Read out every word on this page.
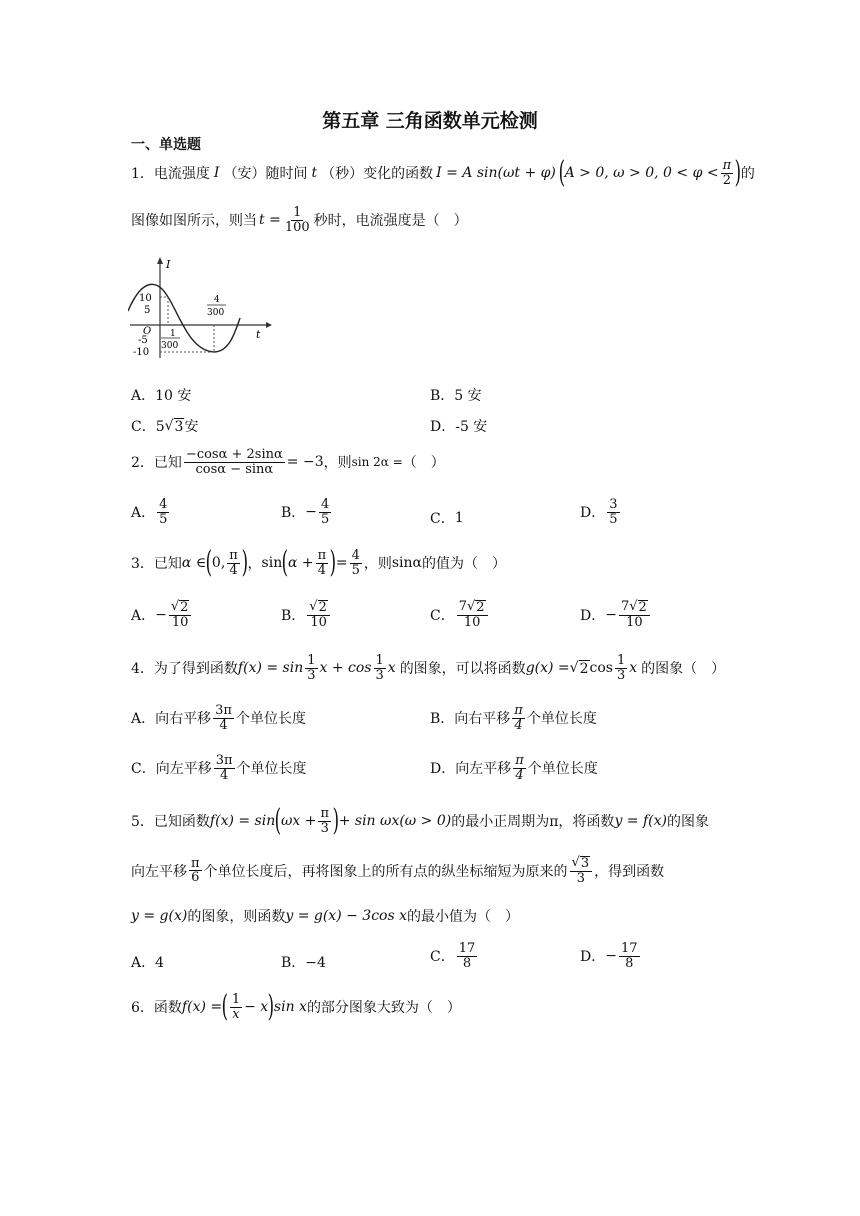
第五章 三角函数单元检测
一、单选题
1．电流强度 I （安）随时间 t （秒）变化的函数 I = A sin(ωt + φ) ( A > 0, ω > 0, $0 < \varphi < \frac{\pi}{2}$ ) 的
图像如图所示，则当 $t = \frac{1}{100}$ 秒时，电流强度是（　）
I
t
O
10
5
-5
-10
1
300
4
300
A．10 安	B．5 安
C．5 √ 3 安	D．-5 安
2．已知 $\frac{-\cos\alpha + 2\sin\alpha}{\cos\alpha - \sin\alpha} = -3$ ，则 sin 2α = （　）
A． $\frac{4}{5}$	B． − $\frac{4}{5}$	C． 1	D． $\frac{3}{5}$
3．已知 α ∈ ( 0, $\frac{\pi}{4}$ ) ， sin ( $\alpha + \frac{\pi}{4}$ ) = $\frac{4}{5}$ ，则 sinα 的值为（　）
A． − $\frac{√ 2}{10}$	B． $\frac{√ 2}{10}$	C． $\frac{7√ 2}{10}$	D． − $\frac{7√ 2}{10}$
4．为了得到函数 $f(x) = \sin \frac{1}{3}$ $x + \cos \frac{1}{3}$ x 的图象，可以将函数 g(x) = √ 2 $\cos \frac{1}{3}$ x 的图象（　）
A．向右平移 $\frac{3\pi}{4}$ 个单位长度	B．向右平移 $\frac{\pi}{4}$ 个单位长度
C．向左平移 $\frac{3\pi}{4}$ 个单位长度	D．向左平移 $\frac{\pi}{4}$ 个单位长度
5．已知函数 f(x) = sin ( $\omega x + \frac{\pi}{3}$ ) + sin ωx (ω > 0) 的最小正周期为π，将函数 y = f(x) 的图象
向左平移 $\frac{\pi}{6}$ 个单位长度后，再将图象上的所有点的纵坐标缩短为原来的 $\frac{√ 3}{3}$ ，得到函数
y = g(x) 的图象，则函数 y = g(x) − 3cos x 的最小值为（　）
A．4	B．−4	C． $\frac{17}{8}$	D． − $\frac{17}{8}$
6．函数 f(x) = ( $\frac{1}{x} - x$ ) sin x 的部分图象大致为（　）
